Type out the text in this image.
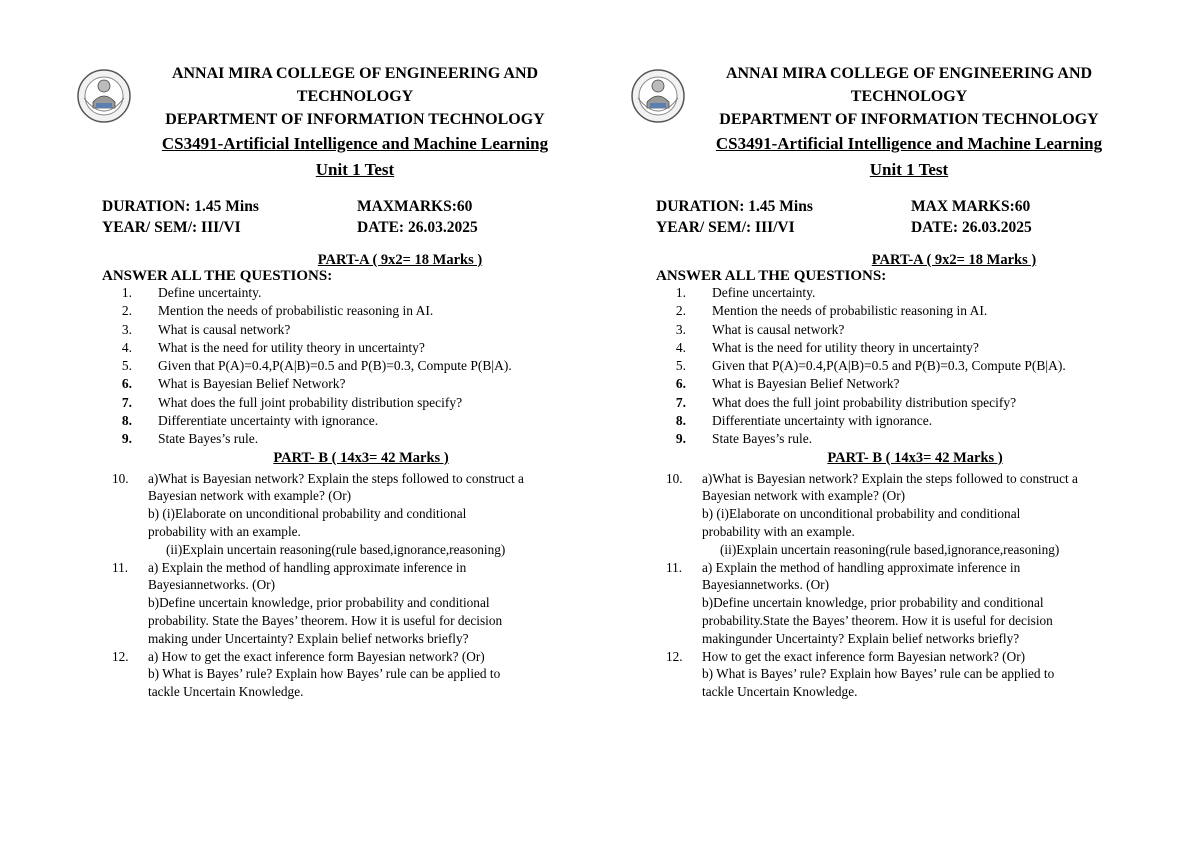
ANNAI MIRA COLLEGE OF ENGINEERING AND
TECHNOLOGY
DEPARTMENT OF INFORMATION TECHNOLOGY
CS3491-Artificial Intelligence and Machine Learning
Unit 1 Test
DURATION: 1.45 Mins	MAXMARKS:60
YEAR/ SEM/: III/VI	DATE: 26.03.2025
PART-A ( 9x2= 18 Marks )
ANSWER ALL THE QUESTIONS:
1.	Define uncertainty.
2.	Mention the needs of probabilistic reasoning in AI.
3.	What is causal network?
4.	What is the need for utility theory in uncertainty?
5.	Given that P(A)=0.4,P(A|B)=0.5 and P(B)=0.3, Compute P(B|A).
6.	What is Bayesian Belief Network?
7.	What does the full joint probability distribution specify?
8.	Differentiate uncertainty with ignorance.
9.	State Bayes’s rule.
PART- B ( 14x3= 42 Marks )
10.	a)What is Bayesian network? Explain the steps followed to construct a
Bayesian network with example? (Or)
b) (i)Elaborate on unconditional probability and conditional
probability with an example.
(ii)Explain uncertain reasoning(rule based,ignorance,reasoning)
11.	a) Explain the method of handling approximate inference in
Bayesiannetworks. (Or)
b)Define uncertain knowledge, prior probability and conditional
probability. State the Bayes’ theorem. How it is useful for decision
making under Uncertainty? Explain belief networks briefly?
12.	a) How to get the exact inference form Bayesian network? (Or)
b) What is Bayes’ rule? Explain how Bayes’ rule can be applied to
tackle Uncertain Knowledge.
ANNAI MIRA COLLEGE OF ENGINEERING AND
TECHNOLOGY
DEPARTMENT OF INFORMATION TECHNOLOGY
CS3491-Artificial Intelligence and Machine Learning
Unit 1 Test
DURATION: 1.45 Mins	MAX MARKS:60
YEAR/ SEM/: III/VI	DATE: 26.03.2025
PART-A ( 9x2= 18 Marks )
ANSWER ALL THE QUESTIONS:
1.	Define uncertainty.
2.	Mention the needs of probabilistic reasoning in AI.
3.	What is causal network?
4.	What is the need for utility theory in uncertainty?
5.	Given that P(A)=0.4,P(A|B)=0.5 and P(B)=0.3, Compute P(B|A).
6.	What is Bayesian Belief Network?
7.	What does the full joint probability distribution specify?
8.	Differentiate uncertainty with ignorance.
9.	State Bayes’s rule.
PART- B ( 14x3= 42 Marks )
10.	a)What is Bayesian network? Explain the steps followed to construct a
Bayesian network with example? (Or)
b) (i)Elaborate on unconditional probability and conditional
probability with an example.
(ii)Explain uncertain reasoning(rule based,ignorance,reasoning)
11.	a) Explain the method of handling approximate inference in
Bayesiannetworks. (Or)
b)Define uncertain knowledge, prior probability and conditional
probability.State the Bayes’ theorem. How it is useful for decision
makingunder Uncertainty? Explain belief networks briefly?
12.	How to get the exact inference form Bayesian network? (Or)
b) What is Bayes’ rule? Explain how Bayes’ rule can be applied to
tackle Uncertain Knowledge.
